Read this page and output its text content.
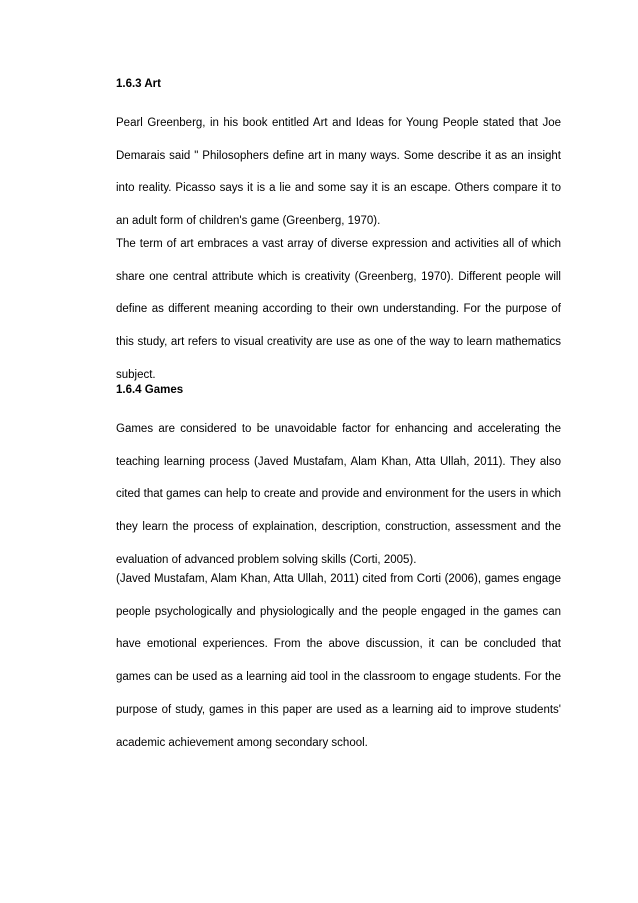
1.6.3 Art

Pearl Greenberg, in his book entitled Art and Ideas for Young People stated that Joe Demarais said " Philosophers define art in many ways. Some describe it as an insight into reality. Picasso says it is a lie and some say it is an escape. Others compare it to an adult form of children's game (Greenberg, 1970).

The term of art embraces a vast array of diverse expression and activities all of which share one central attribute which is creativity (Greenberg, 1970). Different people will define as different meaning according to their own understanding. For the purpose of this study, art refers to visual creativity are use as one of the way to learn mathematics subject.

1.6.4 Games

Games are considered to be unavoidable factor for enhancing and accelerating the teaching learning process (Javed Mustafam, Alam Khan, Atta Ullah, 2011). They also cited that games can help to create and provide and environment for the users in which they learn the process of explaination, description, construction, assessment and the evaluation of advanced problem solving skills (Corti, 2005).

(Javed Mustafam, Alam Khan, Atta Ullah, 2011) cited from Corti (2006), games engage people psychologically and physiologically and the people engaged in the games can have emotional experiences. From the above discussion, it can be concluded that games can be used as a learning aid tool in the classroom to engage students. For the purpose of study, games in this paper are used as a learning aid to improve students' academic achievement among secondary school.
